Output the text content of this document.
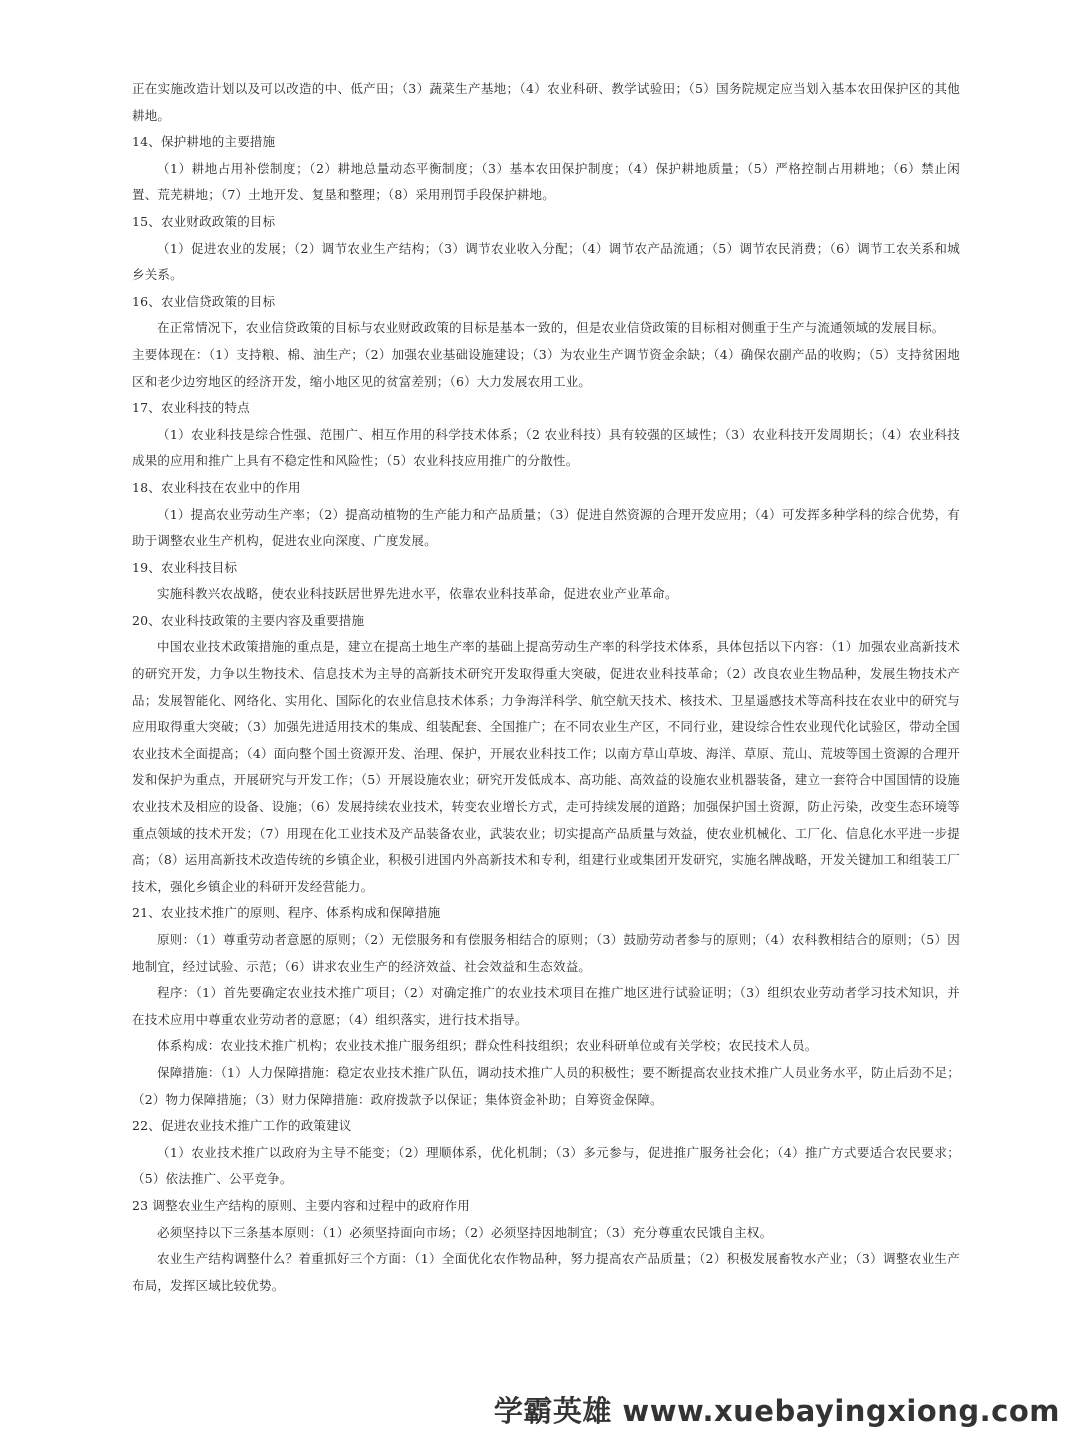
正在实施改造计划以及可以改造的中、低产田；（3）蔬菜生产基地；（4）农业科研、教学试验田；（5）国务院规定应当划入基本农田保护区的其他耕地。

14、保护耕地的主要措施

（1）耕地占用补偿制度；（2）耕地总量动态平衡制度；（3）基本农田保护制度；（4）保护耕地质量；（5）严格控制占用耕地；（6）禁止闲置、荒芜耕地；（7）土地开发、复垦和整理；（8）采用刑罚手段保护耕地。

15、农业财政政策的目标

（1）促进农业的发展；（2）调节农业生产结构；（3）调节农业收入分配；（4）调节农产品流通；（5）调节农民消费；（6）调节工农关系和城乡关系。

16、农业信贷政策的目标

在正常情况下，农业信贷政策的目标与农业财政政策的目标是基本一致的，但是农业信贷政策的目标相对侧重于生产与流通领域的发展目标。

主要体现在：（1）支持粮、棉、油生产；（2）加强农业基础设施建设；（3）为农业生产调节资金余缺；（4）确保农副产品的收购；（5）支持贫困地区和老少边穷地区的经济开发，缩小地区见的贫富差别；（6）大力发展农用工业。

17、农业科技的特点

（1）农业科技是综合性强、范围广、相互作用的科学技术体系；（2 农业科技）具有较强的区域性；（3）农业科技开发周期长；（4）农业科技成果的应用和推广上具有不稳定性和风险性；（5）农业科技应用推广的分散性。

18、农业科技在农业中的作用

（1）提高农业劳动生产率；（2）提高动植物的生产能力和产品质量；（3）促进自然资源的合理开发应用；（4）可发挥多种学科的综合优势，有助于调整农业生产机构，促进农业向深度、广度发展。

19、农业科技目标

实施科教兴农战略，使农业科技跃居世界先进水平，依靠农业科技革命，促进农业产业革命。

20、农业科技政策的主要内容及重要措施

中国农业技术政策措施的重点是，建立在提高土地生产率的基础上提高劳动生产率的科学技术体系，具体包括以下内容：（1）加强农业高新技术的研究开发，力争以生物技术、信息技术为主导的高新技术研究开发取得重大突破，促进农业科技革命；（2）改良农业生物品种，发展生物技术产品；发展智能化、网络化、实用化、国际化的农业信息技术体系；力争海洋科学、航空航天技术、核技术、卫星遥感技术等高科技在农业中的研究与应用取得重大突破；（3）加强先进适用技术的集成、组装配套、全国推广；在不同农业生产区，不同行业，建设综合性农业现代化试验区，带动全国农业技术全面提高；（4）面向整个国土资源开发、治理、保护，开展农业科技工作；以南方草山草坡、海洋、草原、荒山、荒坡等国土资源的合理开发和保护为重点，开展研究与开发工作；（5）开展设施农业；研究开发低成本、高功能、高效益的设施农业机器装备，建立一套符合中国国情的设施农业技术及相应的设备、设施；（6）发展持续农业技术，转变农业增长方式，走可持续发展的道路；加强保护国土资源，防止污染，改变生态环境等重点领域的技术开发；（7）用现在化工业技术及产品装备农业，武装农业；切实提高产品质量与效益，使农业机械化、工厂化、信息化水平进一步提高；（8）运用高新技术改造传统的乡镇企业，积极引进国内外高新技术和专利，组建行业或集团开发研究，实施名牌战略，开发关键加工和组装工厂技术，强化乡镇企业的科研开发经营能力。

21、农业技术推广的原则、程序、体系构成和保障措施

原则：（1）尊重劳动者意愿的原则；（2）无偿服务和有偿服务相结合的原则；（3）鼓励劳动者参与的原则；（4）农科教相结合的原则；（5）因地制宜，经过试验、示范；（6）讲求农业生产的经济效益、社会效益和生态效益。

程序：（1）首先要确定农业技术推广项目；（2）对确定推广的农业技术项目在推广地区进行试验证明；（3）组织农业劳动者学习技术知识，并在技术应用中尊重农业劳动者的意愿；（4）组织落实，进行技术指导。

体系构成：农业技术推广机构；农业技术推广服务组织；群众性科技组织；农业科研单位或有关学校；农民技术人员。

保障措施：（1）人力保障措施：稳定农业技术推广队伍，调动技术推广人员的积极性；要不断提高农业技术推广人员业务水平，防止后劲不足；（2）物力保障措施；（3）财力保障措施：政府拨款予以保证；集体资金补助；自筹资金保障。

22、促进农业技术推广工作的政策建议

（1）农业技术推广以政府为主导不能变；（2）理顺体系，优化机制；（3）多元参与，促进推广服务社会化；（4）推广方式要适合农民要求；（5）依法推广、公平竞争。

23 调整农业生产结构的原则、主要内容和过程中的政府作用

必须坚持以下三条基本原则：（1）必须坚持面向市场；（2）必须坚持因地制宜；（3）充分尊重农民饿自主权。

农业生产结构调整什么？着重抓好三个方面：（1）全面优化农作物品种，努力提高农产品质量；（2）积极发展畜牧水产业；（3）调整农业生产布局，发挥区域比较优势。

学霸英雄 www.xuebayingxiong.com
